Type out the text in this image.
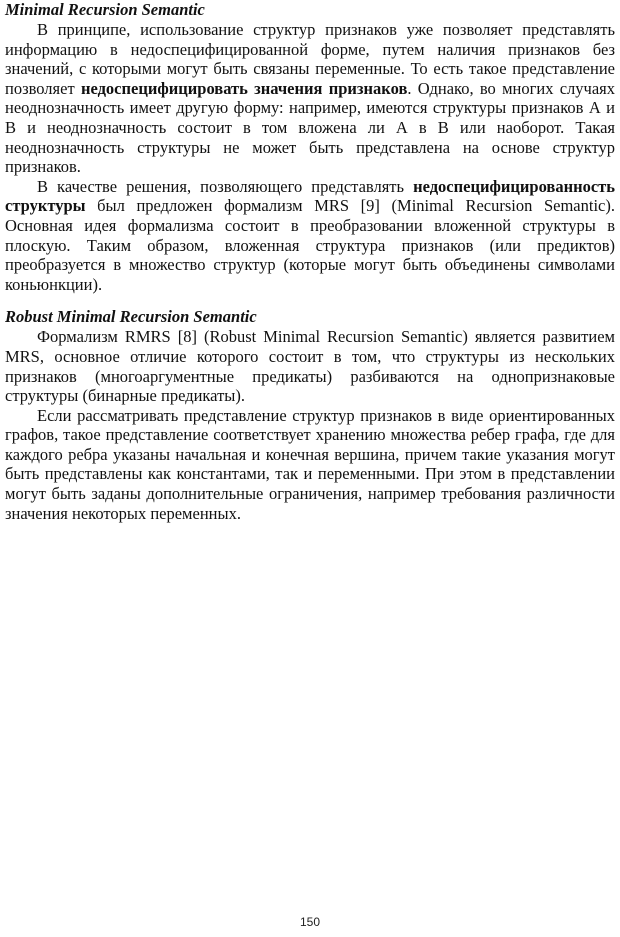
Minimal Recursion Semantic

В принципе, использование структур признаков уже позволяет представлять информацию в недоспецифицированной форме, путем наличия признаков без значений, с которыми могут быть связаны переменные. То есть такое представление позволяет недоспецифицировать значения признаков. Однако, во многих случаях неоднозначность имеет другую форму: например, имеются структуры признаков А и В и неоднозначность состоит в том вложена ли А в В или наоборот. Такая неоднозначность структуры не может быть представлена на основе структур признаков.

В качестве решения, позволяющего представлять недоспецифицированность структуры был предложен формализм MRS [9] (Minimal Recursion Semantic). Основная идея формализма состоит в преобразовании вложенной структуры в плоскую. Таким образом, вложенная структура признаков (или предиктов) преобразуется в множество структур (которые могут быть объединены символами коньюнкции).

Robust Minimal Recursion Semantic

Формализм RMRS [8] (Robust Minimal Recursion Semantic) является развитием MRS, основное отличие которого состоит в том, что структуры из нескольких признаков (многоаргументные предикаты) разбиваются на однопризнаковые структуры (бинарные предикаты).

Если рассматривать представление структур признаков в виде ориентированных графов, такое представление соответствует хранению множества ребер графа, где для каждого ребра указаны начальная и конечная вершина, причем такие указания могут быть представлены как константами, так и переменными. При этом в представлении могут быть заданы дополнительные ограничения, например требования различности значения некоторых переменных.

150
